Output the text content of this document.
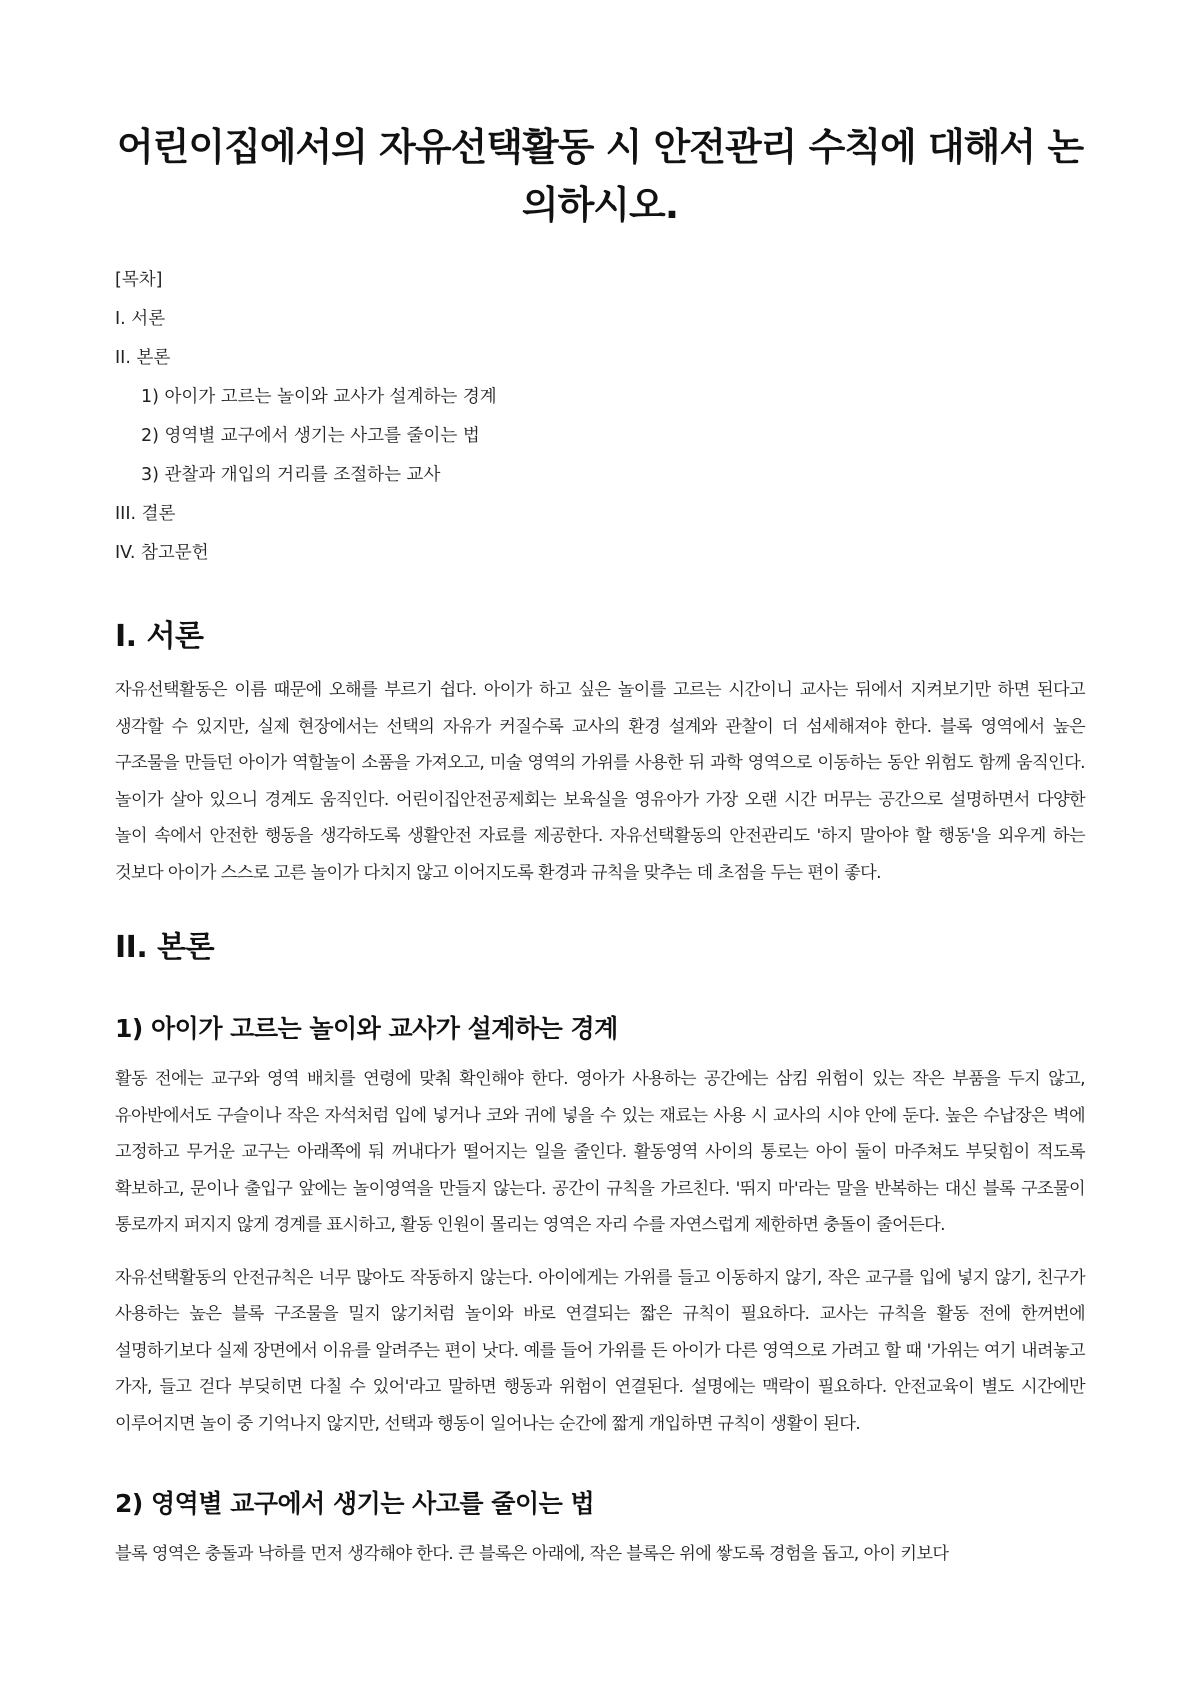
어린이집에서의 자유선택활동 시 안전관리 수칙에 대해서 논의하시오.
[목차]
I. 서론
II. 본론
1) 아이가 고르는 놀이와 교사가 설계하는 경계
2) 영역별 교구에서 생기는 사고를 줄이는 법
3) 관찰과 개입의 거리를 조절하는 교사
III. 결론
IV. 참고문헌
I. 서론

자유선택활동은 이름 때문에 오해를 부르기 쉽다. 아이가 하고 싶은 놀이를 고르는 시간이니 교사는 뒤에서 지켜보기만 하면 된다고 생각할 수 있지만, 실제 현장에서는 선택의 자유가 커질수록 교사의 환경 설계와 관찰이 더 섬세해져야 한다. 블록 영역에서 높은 구조물을 만들던 아이가 역할놀이 소품을 가져오고, 미술 영역의 가위를 사용한 뒤 과학 영역으로 이동하는 동안 위험도 함께 움직인다. 놀이가 살아 있으니 경계도 움직인다. 어린이집안전공제회는 보육실을 영유아가 가장 오랜 시간 머무는 공간으로 설명하면서 다양한 놀이 속에서 안전한 행동을 생각하도록 생활안전 자료를 제공한다. 자유선택활동의 안전관리도 '하지 말아야 할 행동'을 외우게 하는 것보다 아이가 스스로 고른 놀이가 다치지 않고 이어지도록 환경과 규칙을 맞추는 데 초점을 두는 편이 좋다.

II. 본론
1) 아이가 고르는 놀이와 교사가 설계하는 경계

활동 전에는 교구와 영역 배치를 연령에 맞춰 확인해야 한다. 영아가 사용하는 공간에는 삼킴 위험이 있는 작은 부품을 두지 않고, 유아반에서도 구슬이나 작은 자석처럼 입에 넣거나 코와 귀에 넣을 수 있는 재료는 사용 시 교사의 시야 안에 둔다. 높은 수납장은 벽에 고정하고 무거운 교구는 아래쪽에 둬 꺼내다가 떨어지는 일을 줄인다. 활동영역 사이의 통로는 아이 둘이 마주쳐도 부딪힘이 적도록 확보하고, 문이나 출입구 앞에는 놀이영역을 만들지 않는다. 공간이 규칙을 가르친다. '뛰지 마'라는 말을 반복하는 대신 블록 구조물이 통로까지 퍼지지 않게 경계를 표시하고, 활동 인원이 몰리는 영역은 자리 수를 자연스럽게 제한하면 충돌이 줄어든다.

자유선택활동의 안전규칙은 너무 많아도 작동하지 않는다. 아이에게는 가위를 들고 이동하지 않기, 작은 교구를 입에 넣지 않기, 친구가 사용하는 높은 블록 구조물을 밀지 않기처럼 놀이와 바로 연결되는 짧은 규칙이 필요하다. 교사는 규칙을 활동 전에 한꺼번에 설명하기보다 실제 장면에서 이유를 알려주는 편이 낫다. 예를 들어 가위를 든 아이가 다른 영역으로 가려고 할 때 '가위는 여기 내려놓고 가자, 들고 걷다 부딪히면 다칠 수 있어'라고 말하면 행동과 위험이 연결된다. 설명에는 맥락이 필요하다. 안전교육이 별도 시간에만 이루어지면 놀이 중 기억나지 않지만, 선택과 행동이 일어나는 순간에 짧게 개입하면 규칙이 생활이 된다.

2) 영역별 교구에서 생기는 사고를 줄이는 법

블록 영역은 충돌과 낙하를 먼저 생각해야 한다. 큰 블록은 아래에, 작은 블록은 위에 쌓도록 경험을 돕고, 아이 키보다
